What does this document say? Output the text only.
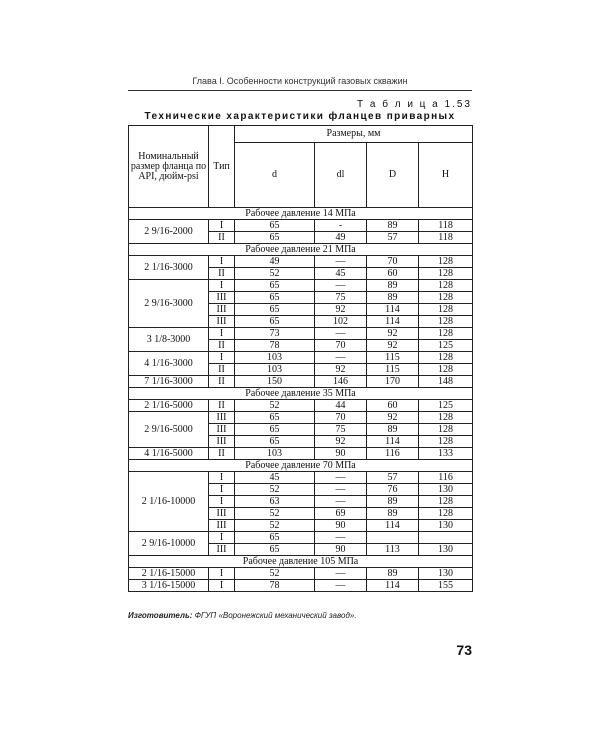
Глава I. Особенности конструкций газовых скважин
Т а б л и ц а 1.53
Технические характеристики фланцев приварных
Номинальный размер фланца по API, дюйм-psi	Тип	Размеры, мм			
		d	dl	D	H
Рабочее давление 14 МПа					
2 9/16-2000	I	65	-	89	118
	II	65	49	57	118
Рабочее давление 21 МПа					
2 1/16-3000	I	49	—	70	128
	II	52	45	60	128
2 9/16-3000	I	65	—	89	128
	III	65	75	89	128
	III	65	92	114	128
	III	65	102	114	128
3 1/8-3000	I	73	—	92	128
	II	78	70	92	125
4 1/16-3000	I	103	—	115	128
	II	103	92	115	128
7 1/16-3000	II	150	146	170	148
Рабочее давление 35 МПа					
2 1/16-5000	II	52	44	60	125
2 9/16-5000	III	65	70	92	128
	III	65	75	89	128
	III	65	92	114	128
4 1/16-5000	II	103	90	116	133
Рабочее давление 70 МПа					
2 1/16-10000	I	45	—	57	116
	I	52	—	76	130
	I	63	—	89	128
	III	52	69	89	128
	III	52	90	114	130
2 9/16-10000	I	65	—		
	III	65	90	113	130
Рабочее давление 105 МПа					
2 1/16-15000	I	52	—	89	130
3 1/16-15000	I	78	—	114	155
Изготовитель: ФГУП «Воронежский механический завод».
73
